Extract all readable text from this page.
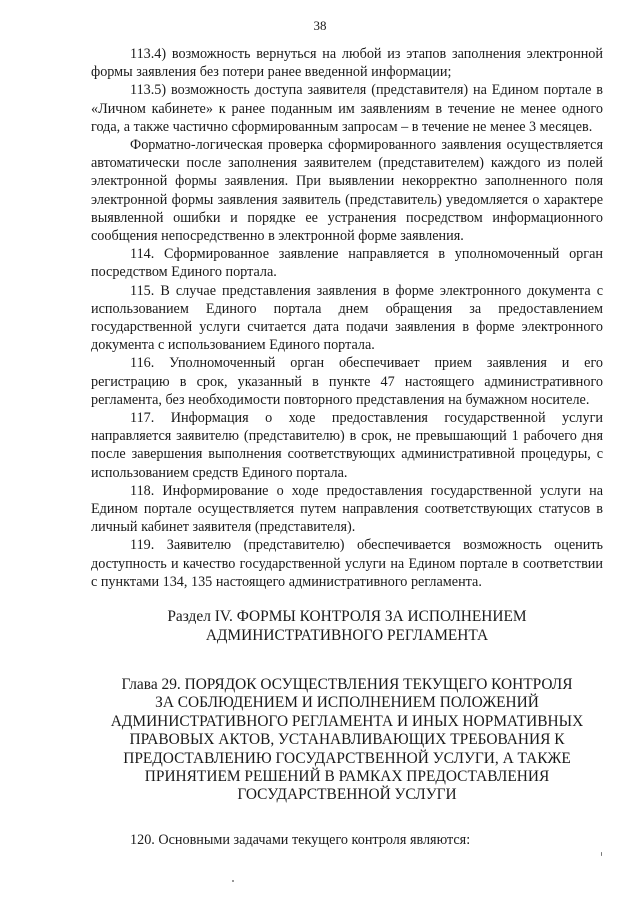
38

113.4) возможность вернуться на любой из этапов заполнения электронной формы заявления без потери ранее введенной информации;

113.5) возможность доступа заявителя (представителя) на Едином портале в «Личном кабинете» к ранее поданным им заявлениям в течение не менее одного года, а также частично сформированным запросам – в течение не менее 3 месяцев.

Форматно-логическая проверка сформированного заявления осуществляется автоматически после заполнения заявителем (представителем) каждого из полей электронной формы заявления. При выявлении некорректно заполненного поля электронной формы заявления заявитель (представитель) уведомляется о характере выявленной ошибки и порядке ее устранения посредством информационного сообщения непосредственно в электронной форме заявления.

114. Сформированное заявление направляется в уполномоченный орган посредством Единого портала.

115. В случае представления заявления в форме электронного документа с использованием Единого портала днем обращения за предоставлением государственной услуги считается дата подачи заявления в форме электронного документа с использованием Единого портала.

116. Уполномоченный орган обеспечивает прием заявления и его регистрацию в срок, указанный в пункте 47 настоящего административного регламента, без необходимости повторного представления на бумажном носителе.

117. Информация о ходе предоставления государственной услуги направляется заявителю (представителю) в срок, не превышающий 1 рабочего дня после завершения выполнения соответствующих административной процедуры, с использованием средств Единого портала.

118. Информирование о ходе предоставления государственной услуги на Едином портале осуществляется путем направления соответствующих статусов в личный кабинет заявителя (представителя).

119. Заявителю (представителю) обеспечивается возможность оценить доступность и качество государственной услуги на Едином портале в соответствии с пунктами 134, 135 настоящего административного регламента.

Раздел IV. ФОРМЫ КОНТРОЛЯ ЗА ИСПОЛНЕНИЕМ
АДМИНИСТРАТИВНОГО РЕГЛАМЕНТА
Глава 29. ПОРЯДОК ОСУЩЕСТВЛЕНИЯ ТЕКУЩЕГО КОНТРОЛЯ
ЗА СОБЛЮДЕНИЕМ И ИСПОЛНЕНИЕМ ПОЛОЖЕНИЙ
АДМИНИСТРАТИВНОГО РЕГЛАМЕНТА И ИНЫХ НОРМАТИВНЫХ
ПРАВОВЫХ АКТОВ, УСТАНАВЛИВАЮЩИХ ТРЕБОВАНИЯ К
ПРЕДОСТАВЛЕНИЮ ГОСУДАРСТВЕННОЙ УСЛУГИ, А ТАКЖЕ
ПРИНЯТИЕМ РЕШЕНИЙ В РАМКАХ ПРЕДОСТАВЛЕНИЯ
ГОСУДАРСТВЕННОЙ УСЛУГИ

120. Основными задачами текущего контроля являются:
